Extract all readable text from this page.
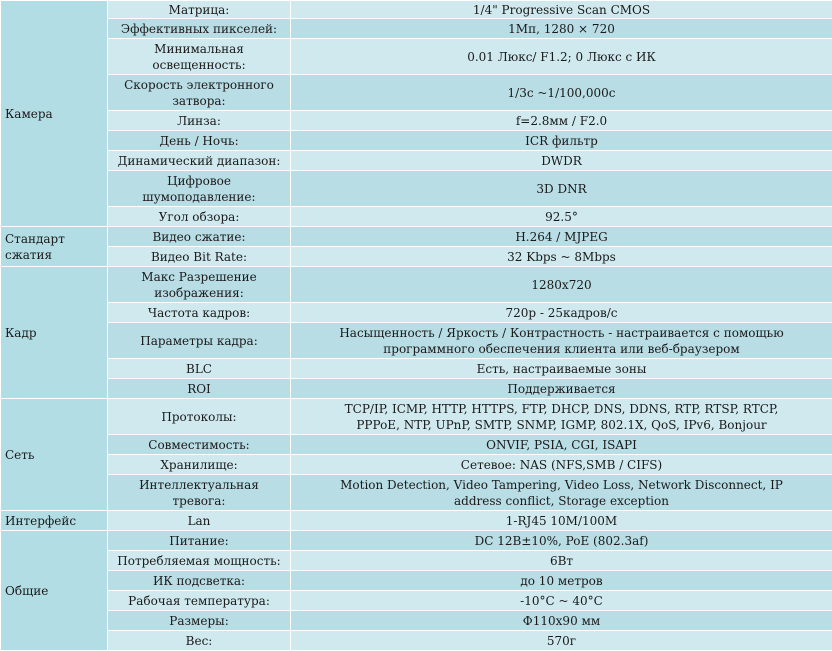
Камера	Матрица:	1/4" Progressive Scan CMOS

	Эффективных пикселей:	1Мп, 1280 × 720

	Минимальная
освещенность:	0.01 Люкс/ F1.2; 0 Люкс с ИК

	Скорость электронного
затвора:	1/3с ~1/100,000с

	Линза:	f=2.8мм / F2.0

	День / Ночь:	ICR фильтр

	Динамический диапазон:	DWDR

	Цифровое
шумоподавление:	3D DNR

	Угол обзора:	92.5°

Стандарт сжатия	Видео сжатие:	H.264 / MJPEG

	Видео Bit Rate:	32 Kbps ~ 8Mbps

Кадр	Макс Разрешение
изображения:	1280x720

	Частота кадров:	720p - 25кадров/с

	Параметры кадра:	Насыщенность / Яркость / Контрастность - настраивается с помощью
программного обеспечения клиента или веб-браузером

	BLC	Есть, настраиваемые зоны

	ROI	Поддерживается

Сеть	Протоколы:	TCP/IP, ICMP, HTTP, HTTPS, FTP, DHCP, DNS, DDNS, RTP, RTSP, RTCP,
PPPoE, NTP, UPnP, SMTP, SNMP, IGMP, 802.1X, QoS, IPv6, Bonjour

	Совместимость:	ONVIF, PSIA, CGI, ISAPI

	Хранилище:	Сетевое: NAS (NFS,SMB / CIFS)

	Интеллектуальная
тревога:	Motion Detection, Video Tampering, Video Loss, Network Disconnect, IP
address conflict, Storage exception

Интерфейс	Lan	1-RJ45 10M/100M

Общие	Питание:	DC 12В±10%, PoE (802.3af)

	Потребляемая мощность:	6Вт

	ИК подсветка:	до 10 метров

	Рабочая температура:	-10°C ~ 40°C

	Размеры:	Ф110x90 мм

	Вес:	570г
